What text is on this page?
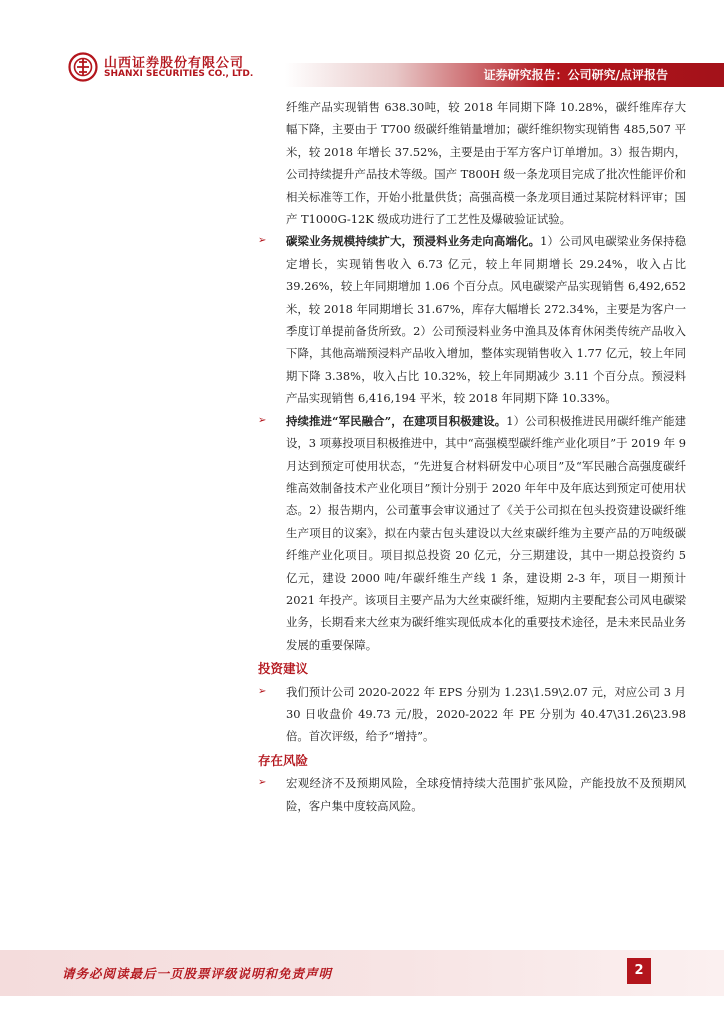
山西证券股份有限公司
SHANXI SECURITIES CO., LTD.	证券研究报告：公司研究/点评报告

纤维产品实现销售 638.30吨，较 2018 年同期下降 10.28%，碳纤维库存大幅下降，主要由于 T700 级碳纤维销量增加；碳纤维织物实现销售 485,507 平米，较 2018 年增长 37.52%，主要是由于军方客户订单增加。3）报告期内，公司持续提升产品技术等级。国产 T800H 级一条龙项目完成了批次性能评价和相关标准等工作，开始小批量供货；高强高模一条龙项目通过某院材料评审；国产 T1000G-12K 级成功进行了工艺性及爆破验证试验。

➢ 碳梁业务规模持续扩大，预浸料业务走向高端化。1）公司风电碳梁业务保持稳定增长，实现销售收入 6.73 亿元，较上年同期增长 29.24%，收入占比 39.26%，较上年同期增加 1.06 个百分点。风电碳梁产品实现销售 6,492,652 米，较 2018 年同期增长 31.67%，库存大幅增长 272.34%，主要是为客户一季度订单提前备货所致。2）公司预浸料业务中渔具及体育休闲类传统产品收入下降，其他高端预浸料产品收入增加，整体实现销售收入 1.77 亿元，较上年同期下降 3.38%，收入占比 10.32%，较上年同期减少 3.11 个百分点。预浸料产品实现销售 6,416,194 平米，较 2018 年同期下降 10.33%。
➢ 持续推进“军民融合”，在建项目积极建设。1）公司积极推进民用碳纤维产能建设，3 项募投项目积极推进中，其中“高强模型碳纤维产业化项目”于 2019 年 9 月达到预定可使用状态，“先进复合材料研发中心项目”及“军民融合高强度碳纤维高效制备技术产业化项目”预计分别于 2020 年年中及年底达到预定可使用状态。2）报告期内，公司董事会审议通过了《关于公司拟在包头投资建设碳纤维生产项目的议案》，拟在内蒙古包头建设以大丝束碳纤维为主要产品的万吨级碳纤维产业化项目。项目拟总投资 20 亿元，分三期建设，其中一期总投资约 5 亿元，建设 2000 吨/年碳纤维生产线 1 条，建设期 2-3 年，项目一期预计 2021 年投产。该项目主要产品为大丝束碳纤维，短期内主要配套公司风电碳梁业务，长期看来大丝束为碳纤维实现低成本化的重要技术途径，是未来民品业务发展的重要保障。
投资建议
➢ 我们预计公司 2020-2022 年 EPS 分别为 1.23\1.59\2.07 元，对应公司 3 月 30 日收盘价 49.73 元/股，2020-2022 年 PE 分别为 40.47\31.26\23.98 倍。首次评级，给予“增持”。
存在风险
➢ 宏观经济不及预期风险，全球疫情持续大范围扩张风险，产能投放不及预期风险，客户集中度较高风险。
请务必阅读最后一页股票评级说明和免责声明	2
